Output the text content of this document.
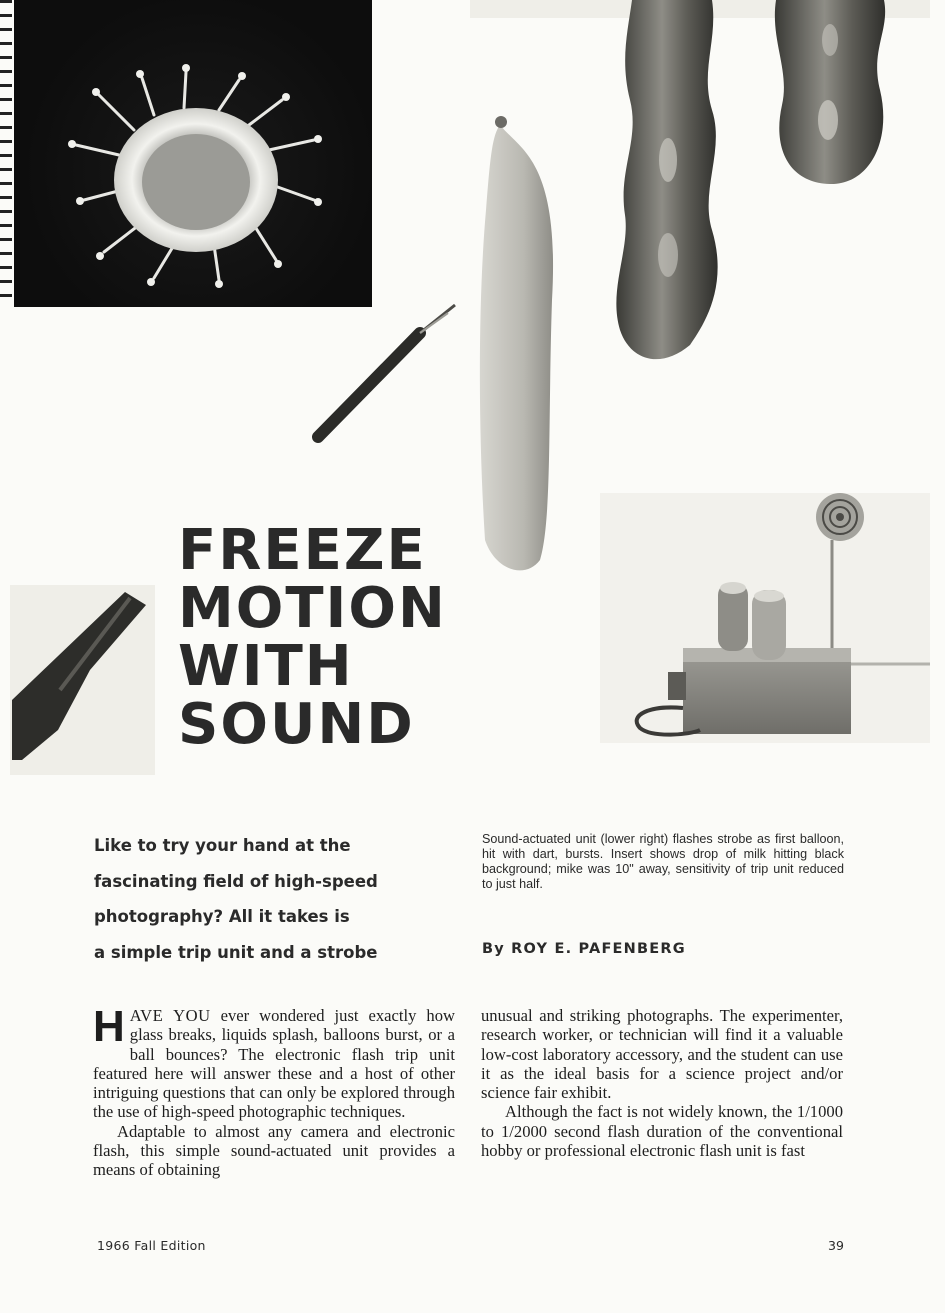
FREEZE
MOTION
WITH
SOUND
Like to try your hand at the
fascinating field of high-speed
photography? All it takes is
a simple trip unit and a strobe
Sound-actuated unit (lower right) flashes strobe as first balloon, hit with dart, bursts. Insert shows drop of milk hitting black background; mike was 10" away, sensitivity of trip unit reduced to just half.
By ROY E. PAFENBERG

HAVE YOU ever wondered just exactly how glass breaks, liquids splash, balloons burst, or a ball bounces? The electronic flash trip unit featured here will answer these and a host of other intriguing questions that can only be explored through the use of high-speed photographic techniques.

Adaptable to almost any camera and electronic flash, this simple sound-actuated unit provides a means of obtaining

unusual and striking photographs. The experimenter, research worker, or technician will find it a valuable low-cost laboratory accessory, and the student can use it as the ideal basis for a science project and/or science fair exhibit.

Although the fact is not widely known, the 1/1000 to 1/2000 second flash duration of the conventional hobby or professional electronic flash unit is fast

1966 Fall Edition	39
